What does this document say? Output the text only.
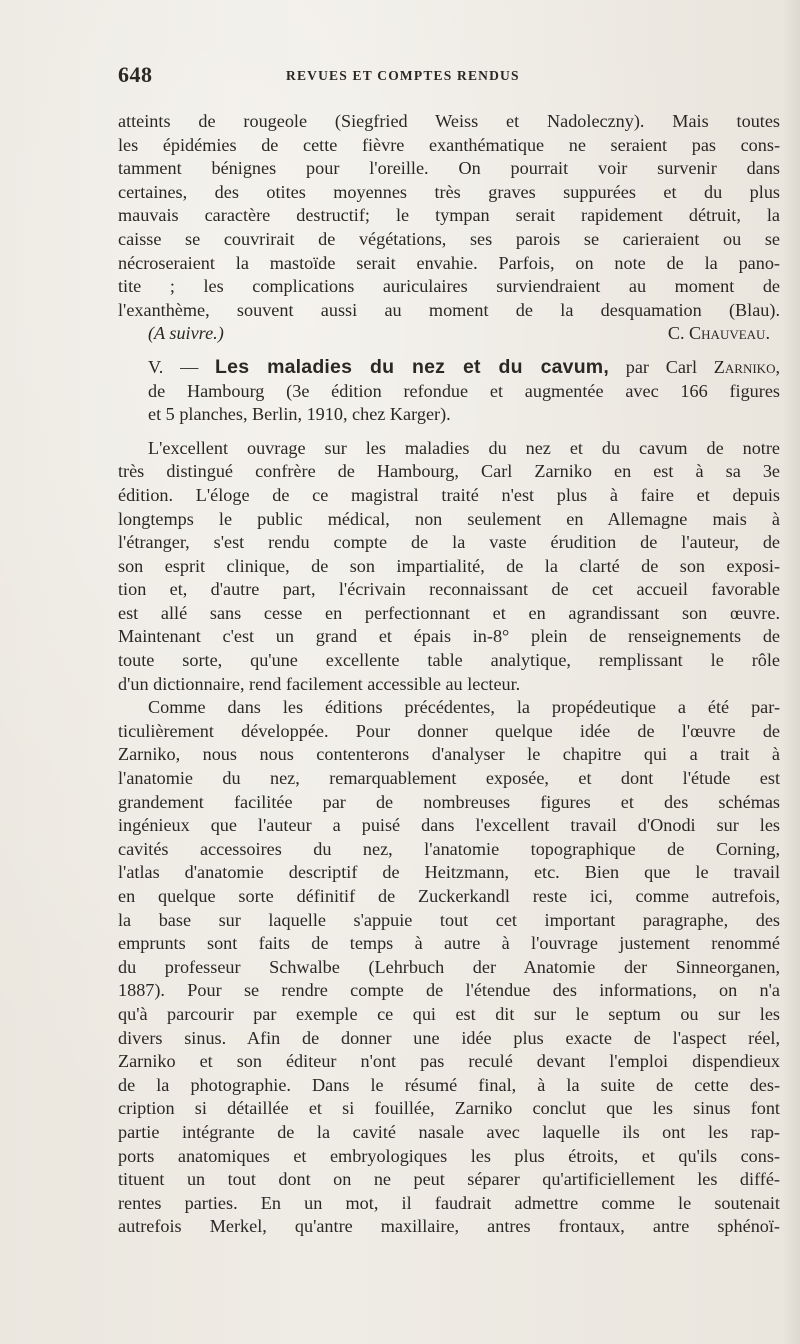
648	REVUES ET COMPTES RENDUS
atteints de rougeole (Siegfried Weiss et Nadoleczny). Mais toutes
les épidémies de cette fièvre exanthématique ne seraient pas cons-
tamment bénignes pour l'oreille. On pourrait voir survenir dans
certaines, des otites moyennes très graves suppurées et du plus
mauvais caractère destructif; le tympan serait rapidement détruit, la
caisse se couvrirait de végétations, ses parois se carieraient ou se
nécroseraient la mastoïde serait envahie. Parfois, on note de la pano-
tite ; les complications auriculaires surviendraient au moment de
l'exanthème, souvent aussi au moment de la desquamation (Blau).
(A suivre.)	C. Chauveau.
V. — Les maladies du nez et du cavum, par Carl Zarniko,
de Hambourg (3e édition refondue et augmentée avec 166 figures
et 5 planches, Berlin, 1910, chez Karger).
L'excellent ouvrage sur les maladies du nez et du cavum de notre
très distingué confrère de Hambourg, Carl Zarniko en est à sa 3e
édition. L'éloge de ce magistral traité n'est plus à faire et depuis
longtemps le public médical, non seulement en Allemagne mais à
l'étranger, s'est rendu compte de la vaste érudition de l'auteur, de
son esprit clinique, de son impartialité, de la clarté de son exposi-
tion et, d'autre part, l'écrivain reconnaissant de cet accueil favorable
est allé sans cesse en perfectionnant et en agrandissant son œuvre.
Maintenant c'est un grand et épais in-8° plein de renseignements de
toute sorte, qu'une excellente table analytique, remplissant le rôle
d'un dictionnaire, rend facilement accessible au lecteur.
Comme dans les éditions précédentes, la propédeutique a été par-
ticulièrement développée. Pour donner quelque idée de l'œuvre de
Zarniko, nous nous contenterons d'analyser le chapitre qui a trait à
l'anatomie du nez, remarquablement exposée, et dont l'étude est
grandement facilitée par de nombreuses figures et des schémas
ingénieux que l'auteur a puisé dans l'excellent travail d'Onodi sur les
cavités accessoires du nez, l'anatomie topographique de Corning,
l'atlas d'anatomie descriptif de Heitzmann, etc. Bien que le travail
en quelque sorte définitif de Zuckerkandl reste ici, comme autrefois,
la base sur laquelle s'appuie tout cet important paragraphe, des
emprunts sont faits de temps à autre à l'ouvrage justement renommé
du professeur Schwalbe (Lehrbuch der Anatomie der Sinneorganen,
1887). Pour se rendre compte de l'étendue des informations, on n'a
qu'à parcourir par exemple ce qui est dit sur le septum ou sur les
divers sinus. Afin de donner une idée plus exacte de l'aspect réel,
Zarniko et son éditeur n'ont pas reculé devant l'emploi dispendieux
de la photographie. Dans le résumé final, à la suite de cette des-
cription si détaillée et si fouillée, Zarniko conclut que les sinus font
partie intégrante de la cavité nasale avec laquelle ils ont les rap-
ports anatomiques et embryologiques les plus étroits, et qu'ils cons-
tituent un tout dont on ne peut séparer qu'artificiellement les diffé-
rentes parties. En un mot, il faudrait admettre comme le soutenait
autrefois Merkel, qu'antre maxillaire, antres frontaux, antre sphénoï-
